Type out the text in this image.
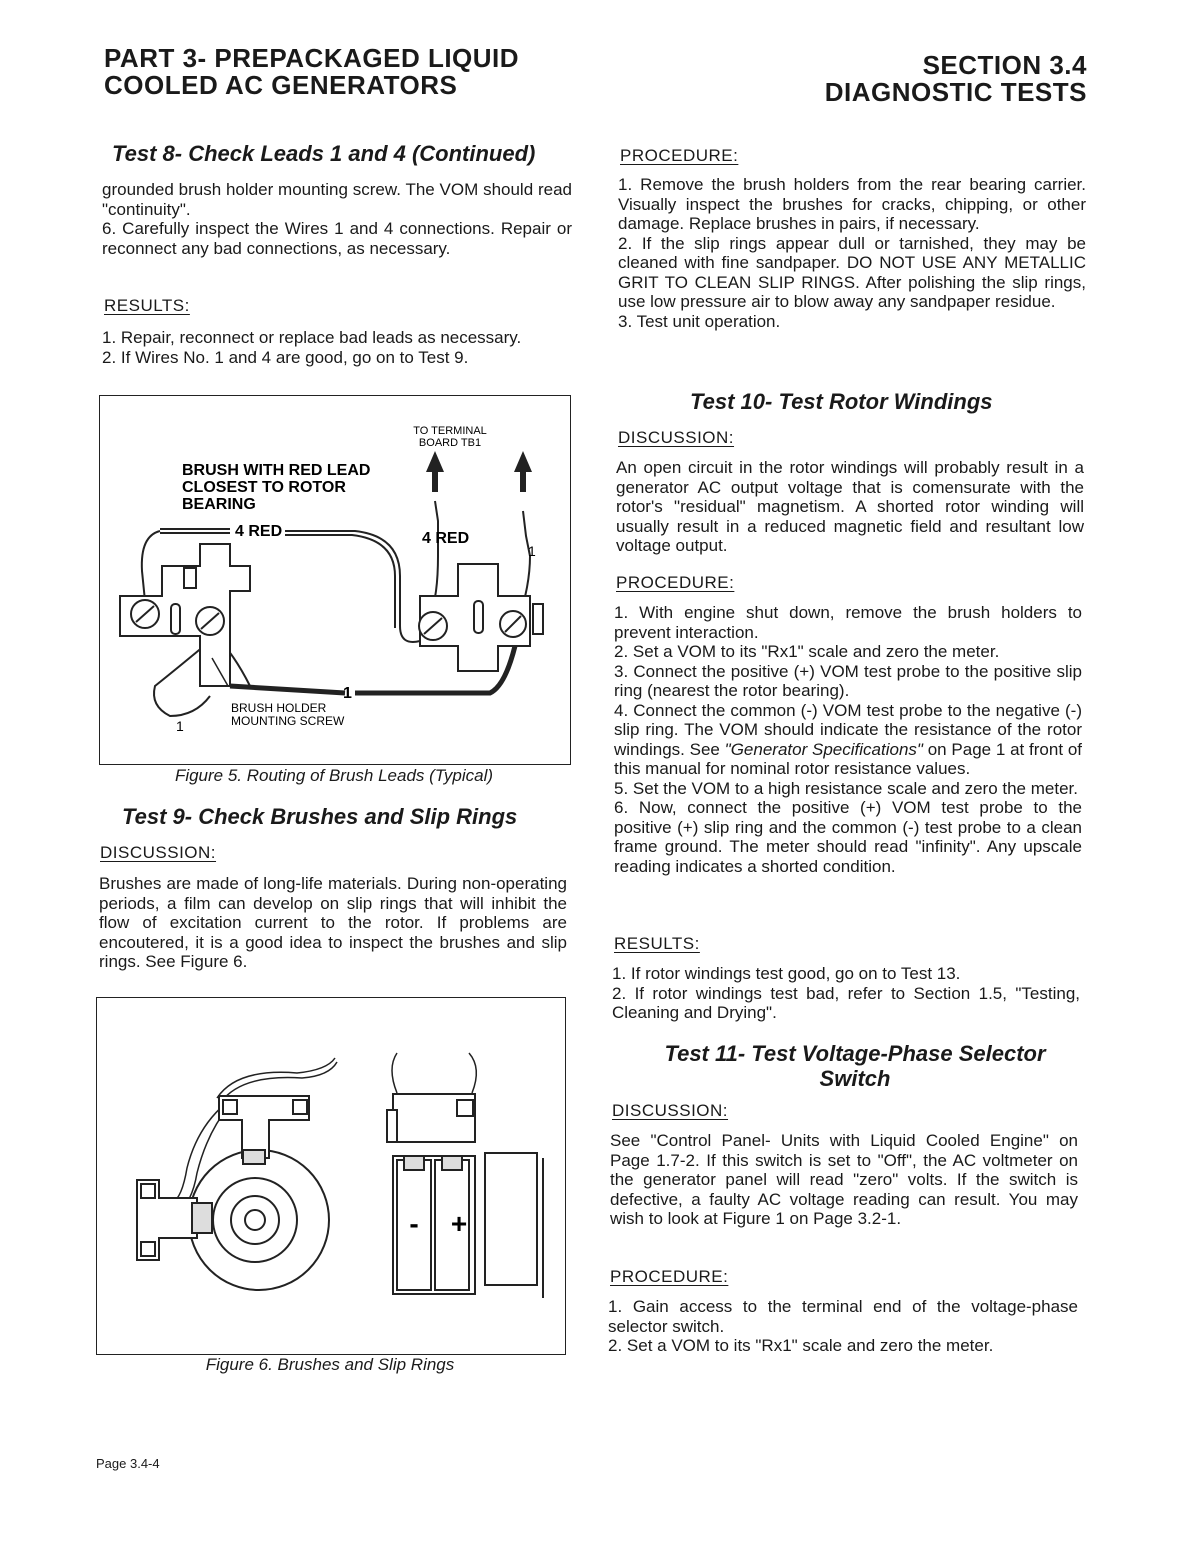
PART 3- PREPACKAGED LIQUID
COOLED AC GENERATORS
SECTION 3.4
DIAGNOSTIC TESTS
Test 8- Check Leads 1 and 4 (Continued)

grounded brush holder mounting screw. The VOM should read "continuity".

6. Carefully inspect the Wires 1 and 4 connections. Repair or reconnect any bad connections, as necessary.

RESULTS:

1. Repair, reconnect or replace bad leads as necessary.

2. If Wires No. 1 and 4 are good, go on to Test 9.

TO TERMINAL
BOARD TB1
BRUSH WITH RED LEAD
CLOSEST TO ROTOR
BEARING
4 RED	4 RED
1
1
1
BRUSH HOLDER
MOUNTING SCREW
Figure 5. Routing of Brush Leads (Typical)
Test 9- Check Brushes and Slip Rings
DISCUSSION:
Brushes are made of long-life materials. During non-operating periods, a film can develop on slip rings that will inhibit the flow of excitation current to the rotor. If problems are encoutered, it is a good idea to inspect the brushes and slip rings. See Figure 6.
- +
Figure 6. Brushes and Slip Rings
Page 3.4-4
PROCEDURE:

1. Remove the brush holders from the rear bearing carrier. Visually inspect the brushes for cracks, chipping, or other damage. Replace brushes in pairs, if necessary.

2. If the slip rings appear dull or tarnished, they may be cleaned with fine sandpaper. DO NOT USE ANY METALLIC GRIT TO CLEAN SLIP RINGS. After polishing the slip rings, use low pressure air to blow away any sandpaper residue.

3. Test unit operation.

Test 10- Test Rotor Windings
DISCUSSION:
An open circuit in the rotor windings will probably result in a generator AC output voltage that is comensurate with the rotor's "residual" magnetism. A shorted rotor winding will usually result in a reduced magnetic field and resultant low voltage output.
PROCEDURE:

1. With engine shut down, remove the brush holders to prevent interaction.

2. Set a VOM to its "Rx1" scale and zero the meter.

3. Connect the positive (+) VOM test probe to the positive slip ring (nearest the rotor bearing).

4. Connect the common (-) VOM test probe to the negative (-) slip ring. The VOM should indicate the resistance of the rotor windings. See "Generator Specifications" on Page 1 at front of this manual for nominal rotor resistance values.

5. Set the VOM to a high resistance scale and zero the meter.

6. Now, connect the positive (+) VOM test probe to the positive (+) slip ring and the common (-) test probe to a clean frame ground. The meter should read "infinity". Any upscale reading indicates a shorted condition.

RESULTS:

1. If rotor windings test good, go on to Test 13.

2. If rotor windings test bad, refer to Section 1.5, "Testing, Cleaning and Drying".

Test 11- Test Voltage-Phase Selector
Switch
DISCUSSION:
See "Control Panel- Units with Liquid Cooled Engine" on Page 1.7-2. If this switch is set to "Off", the AC voltmeter on the generator panel will read "zero" volts. If the switch is defective, a faulty AC voltage reading can result. You may wish to look at Figure 1 on Page 3.2-1.
PROCEDURE:

1. Gain access to the terminal end of the voltage-phase selector switch.

2. Set a VOM to its "Rx1" scale and zero the meter.
